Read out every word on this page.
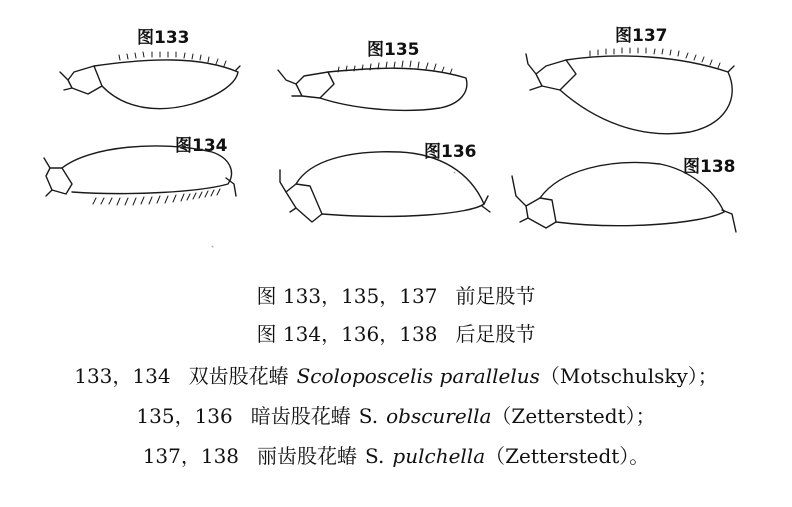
图133
图134
图135
图136
图137
图138
图 133，135，137 前足股节
图 134，136，138 后足股节
133，134 双齿股花蝽 Scoloposcelis parallelus（Motschulsky）；
135，136 暗齿股花蝽 S. obscurella（Zetterstedt）；
137，138 丽齿股花蝽 S. pulchella（Zetterstedt）。
